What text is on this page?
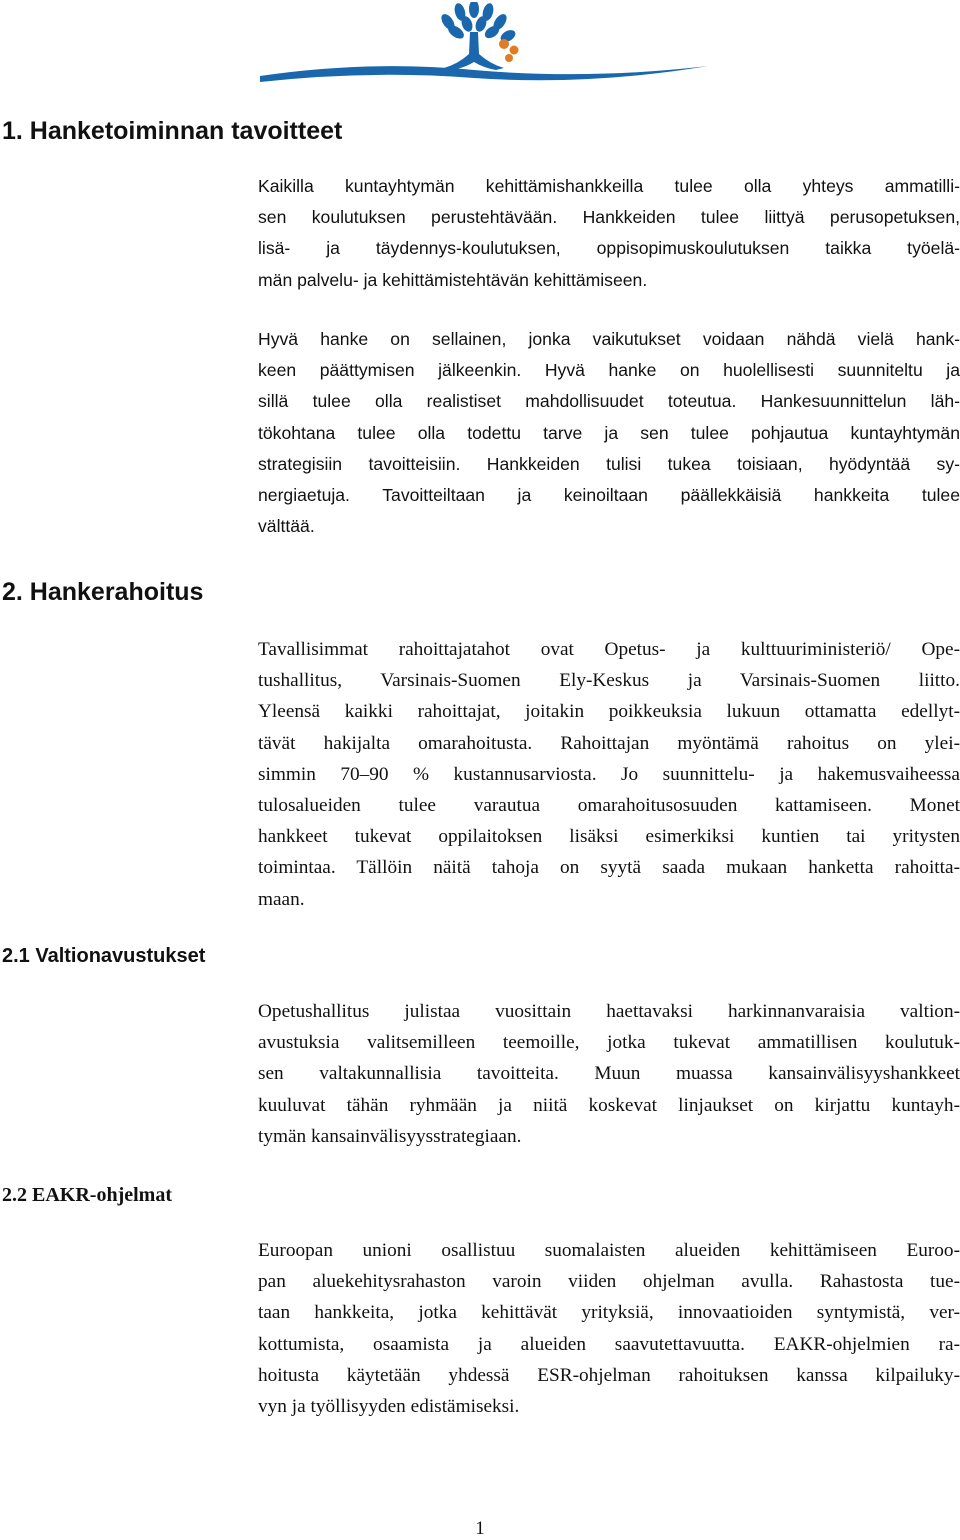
1. Hanketoiminnan tavoitteet
Kaikilla kuntayhtymän kehittämishankkeilla tulee olla yhteys ammatilli-
sen koulutuksen perustehtävään. Hankkeiden tulee liittyä perusopetuksen,
lisä- ja täydennys-koulutuksen, oppisopimuskoulutuksen taikka työelä-
män palvelu- ja kehittämistehtävän kehittämiseen.
Hyvä hanke on sellainen, jonka vaikutukset voidaan nähdä vielä hank-
keen päättymisen jälkeenkin. Hyvä hanke on huolellisesti suunniteltu ja
sillä tulee olla realistiset mahdollisuudet toteutua. Hankesuunnittelun läh-
tökohtana tulee olla todettu tarve ja sen tulee pohjautua kuntayhtymän
strategisiin tavoitteisiin. Hankkeiden tulisi tukea toisiaan, hyödyntää sy-
nergiaetuja. Tavoitteiltaan ja keinoiltaan päällekkäisiä hankkeita tulee
välttää.
2. Hankerahoitus
Tavallisimmat rahoittajatahot ovat Opetus- ja kulttuuriministeriö/ Ope-
tushallitus, Varsinais-Suomen Ely-Keskus ja Varsinais-Suomen liitto.
Yleensä kaikki rahoittajat, joitakin poikkeuksia lukuun ottamatta edellyt-
tävät hakijalta omarahoitusta. Rahoittajan myöntämä rahoitus on ylei-
simmin 70–90 % kustannusarviosta. Jo suunnittelu- ja hakemusvaiheessa
tulosalueiden tulee varautua omarahoitusosuuden kattamiseen. Monet
hankkeet tukevat oppilaitoksen lisäksi esimerkiksi kuntien tai yritysten
toimintaa. Tällöin näitä tahoja on syytä saada mukaan hanketta rahoitta-
maan.
2.1 Valtionavustukset
Opetushallitus julistaa vuosittain haettavaksi harkinnanvaraisia valtion-
avustuksia valitsemilleen teemoille, jotka tukevat ammatillisen koulutuk-
sen valtakunnallisia tavoitteita. Muun muassa kansainvälisyyshankkeet
kuuluvat tähän ryhmään ja niitä koskevat linjaukset on kirjattu kuntayh-
tymän kansainvälisyysstrategiaan.
2.2 EAKR-ohjelmat
Euroopan unioni osallistuu suomalaisten alueiden kehittämiseen Euroo-
pan aluekehitysrahaston varoin viiden ohjelman avulla. Rahastosta tue-
taan hankkeita, jotka kehittävät yrityksiä, innovaatioiden syntymistä, ver-
kottumista, osaamista ja alueiden saavutettavuutta. EAKR-ohjelmien ra-
hoitusta käytetään yhdessä ESR-ohjelman rahoituksen kanssa kilpailuky-
vyn ja työllisyyden edistämiseksi.
1
